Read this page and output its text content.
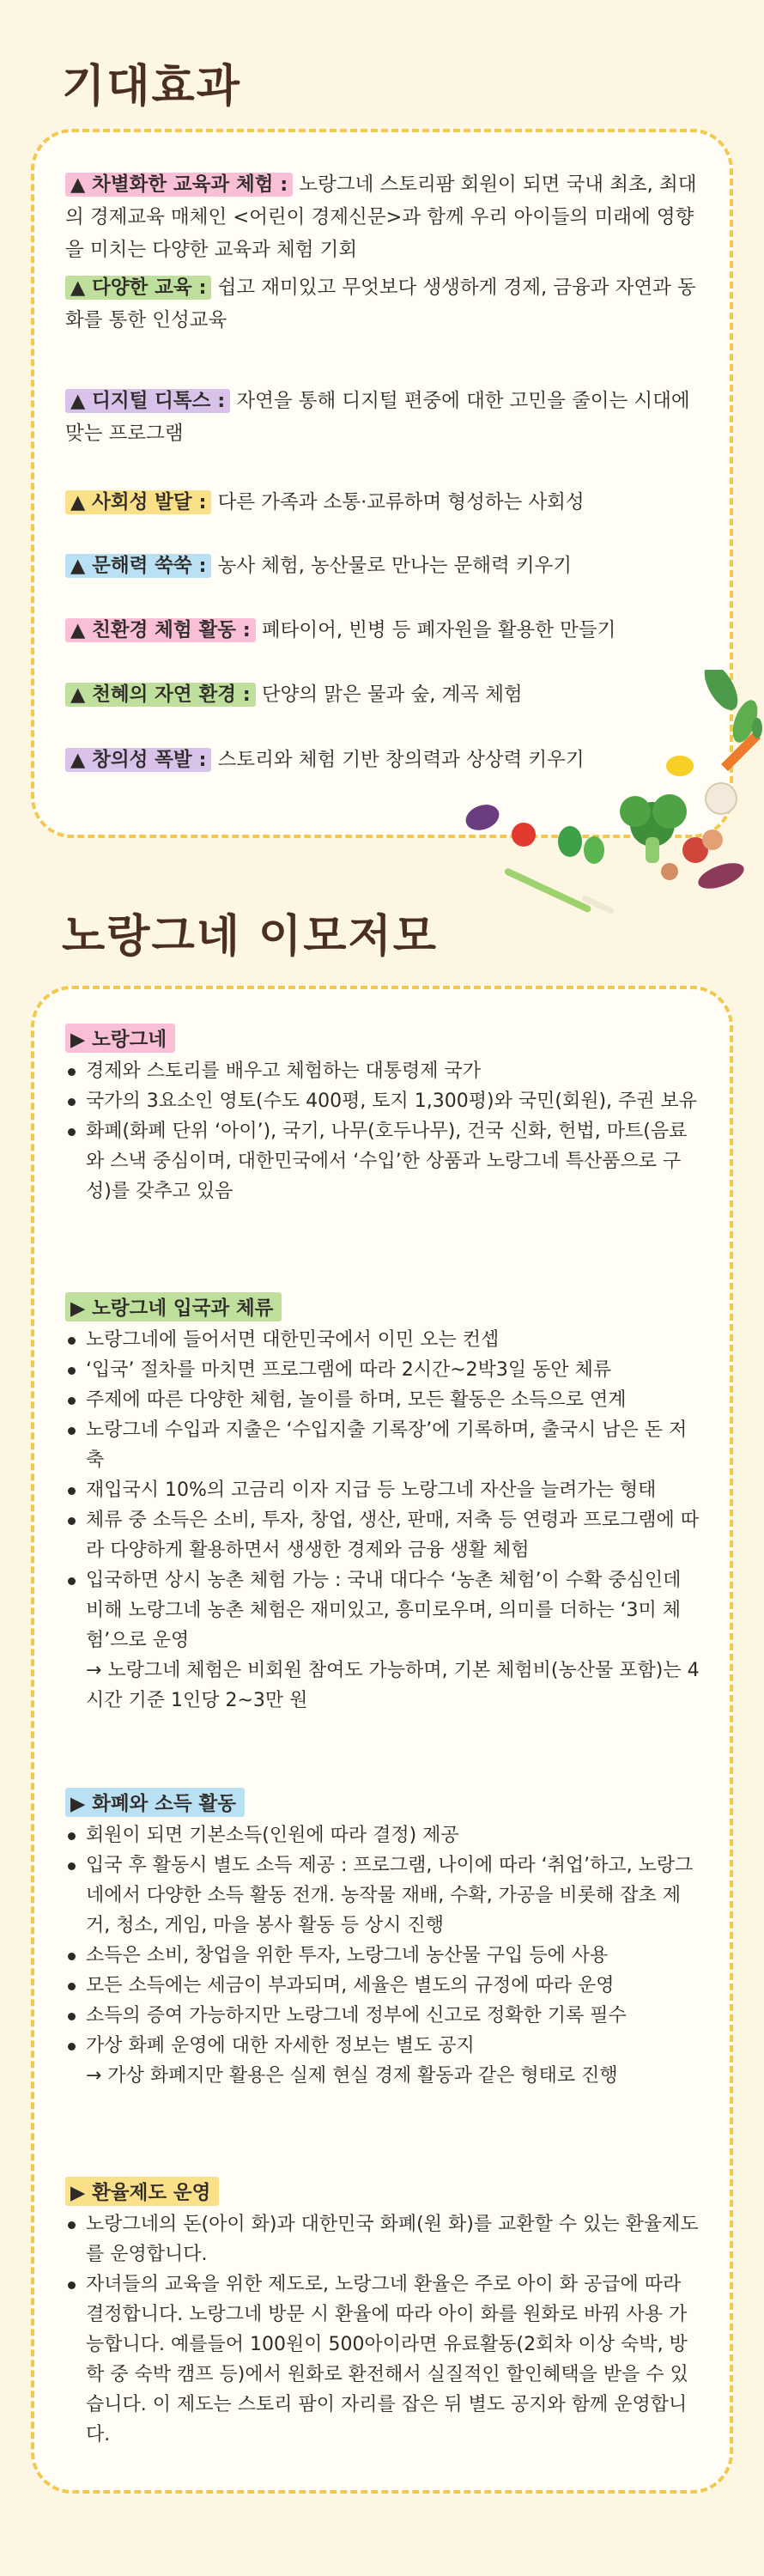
기대효과

▲ 차별화한 교육과 체험 : 노랑그네 스토리팜 회원이 되면 국내 최초, 최대의 경제교육 매체인 <어린이 경제신문>과 함께 우리 아이들의 미래에 영향을 미치는 다양한 교육과 체험 기회

▲ 다양한 교육 : 쉽고 재미있고 무엇보다 생생하게 경제, 금융과 자연과 동화를 통한 인성교육

▲ 디지털 디톡스 : 자연을 통해 디지털 편중에 대한 고민을 줄이는 시대에 맞는 프로그램

▲ 사회성 발달 : 다른 가족과 소통·교류하며 형성하는 사회성

▲ 문해력 쑥쑥 : 농사 체험, 농산물로 만나는 문해력 키우기

▲ 친환경 체험 활동 : 폐타이어, 빈병 등 폐자원을 활용한 만들기

▲ 천혜의 자연 환경 : 단양의 맑은 물과 숲, 계곡 체험

▲ 창의성 폭발 : 스토리와 체험 기반 창의력과 상상력 키우기

노랑그네 이모저모
▶ 노랑그네
경제와 스토리를 배우고 체험하는 대통령제 국가
국가의 3요소인 영토(수도 400평, 토지 1,300평)와 국민(회원), 주권 보유
화폐(화폐 단위 ‘아이’), 국기, 나무(호두나무), 건국 신화, 헌법, 마트(음료와 스낵 중심이며, 대한민국에서 ‘수입’한 상품과 노랑그네 특산품으로 구성)를 갖추고 있음
▶ 노랑그네 입국과 체류
노랑그네에 들어서면 대한민국에서 이민 오는 컨셉
‘입국’ 절차를 마치면 프로그램에 따라 2시간~2박3일 동안 체류
주제에 따른 다양한 체험, 놀이를 하며, 모든 활동은 소득으로 연계
노랑그네 수입과 지출은 ‘수입지출 기록장’에 기록하며, 출국시 남은 돈 저축
재입국시 10%의 고금리 이자 지급 등 노랑그네 자산을 늘려가는 형태
체류 중 소득은 소비, 투자, 창업, 생산, 판매, 저축 등 연령과 프로그램에 따라 다양하게 활용하면서 생생한 경제와 금융 생활 체험
입국하면 상시 농촌 체험 가능 : 국내 대다수 ‘농촌 체험’이 수확 중심인데 비해 노랑그네 농촌 체험은 재미있고, 흥미로우며, 의미를 더하는 ‘3미 체험’으로 운영
→ 노랑그네 체험은 비회원 참여도 가능하며, 기본 체험비(농산물 포함)는 4시간 기준 1인당 2~3만 원
▶ 화폐와 소득 활동
회원이 되면 기본소득(인원에 따라 결정) 제공
입국 후 활동시 별도 소득 제공 : 프로그램, 나이에 따라 ‘취업’하고, 노랑그네에서 다양한 소득 활동 전개. 농작물 재배, 수확, 가공을 비롯해 잡초 제거, 청소, 게임, 마을 봉사 활동 등 상시 진행
소득은 소비, 창업을 위한 투자, 노랑그네 농산물 구입 등에 사용
모든 소득에는 세금이 부과되며, 세율은 별도의 규정에 따라 운영
소득의 증여 가능하지만 노랑그네 정부에 신고로 정확한 기록 필수
가상 화폐 운영에 대한 자세한 정보는 별도 공지
→ 가상 화폐지만 활용은 실제 현실 경제 활동과 같은 형태로 진행
▶ 환율제도 운영
노랑그네의 돈(아이 화)과 대한민국 화폐(원 화)를 교환할 수 있는 환율제도를 운영합니다.
자녀들의 교육을 위한 제도로, 노랑그네 환율은 주로 아이 화 공급에 따라 결정합니다. 노랑그네 방문 시 환율에 따라 아이 화를 원화로 바꿔 사용 가능합니다. 예를들어 100원이 500아이라면 유료활동(2회차 이상 숙박, 방학 중 숙박 캠프 등)에서 원화로 환전해서 실질적인 할인혜택을 받을 수 있습니다. 이 제도는 스토리 팜이 자리를 잡은 뒤 별도 공지와 함께 운영합니다.
